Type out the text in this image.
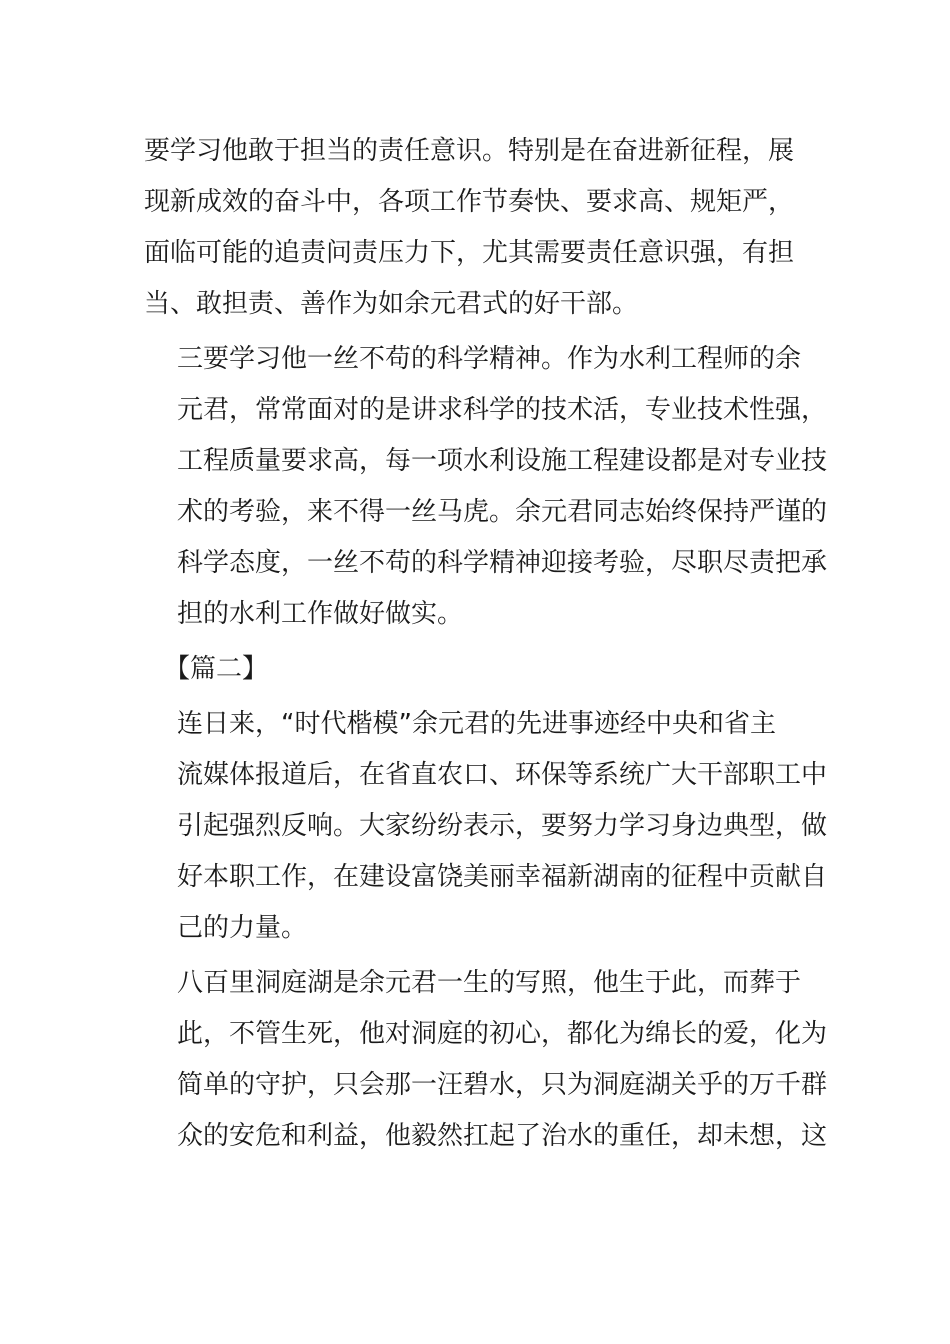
要学习他敢于担当的责任意识。特别是在奋进新征程，展
现新成效的奋斗中，各项工作节奏快、要求高、规矩严，
面临可能的追责问责压力下，尤其需要责任意识强，有担
当、敢担责、善作为如余元君式的好干部。
三要学习他一丝不苟的科学精神。作为水利工程师的余
元君，常常面对的是讲求科学的技术活，专业技术性强，
工程质量要求高，每一项水利设施工程建设都是对专业技
术的考验，来不得一丝马虎。余元君同志始终保持严谨的
科学态度，一丝不苟的科学精神迎接考验，尽职尽责把承
担的水利工作做好做实。
【篇二】
连日来，“时代楷模”余元君的先进事迹经中央和省主
流媒体报道后，在省直农口、环保等系统广大干部职工中
引起强烈反响。大家纷纷表示，要努力学习身边典型，做
好本职工作，在建设富饶美丽幸福新湖南的征程中贡献自
己的力量。
八百里洞庭湖是余元君一生的写照，他生于此，而葬于
此，不管生死，他对洞庭的初心，都化为绵长的爱，化为
简单的守护，只会那一汪碧水，只为洞庭湖关乎的万千群
众的安危和利益，他毅然扛起了治水的重任，却未想，这
